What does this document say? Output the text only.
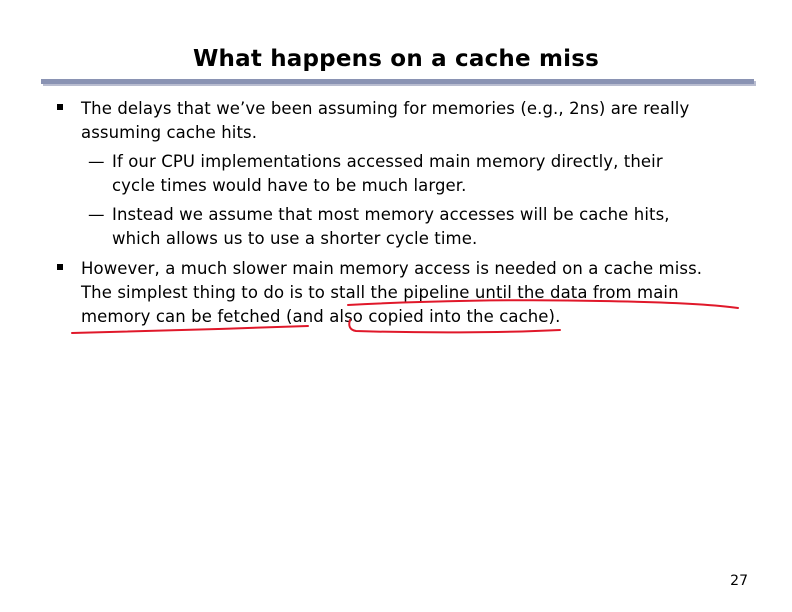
What happens on a cache miss
The delays that we’ve been assuming for memories (e.g., 2ns) are really
assuming cache hits.
— If our CPU implementations accessed main memory directly, their
cycle times would have to be much larger.
— Instead we assume that most memory accesses will be cache hits,
which allows us to use a shorter cycle time.
However, a much slower main memory access is needed on a cache miss.
The simplest thing to do is to stall the pipeline until the data from main
memory can be fetched (and also copied into the cache).
27
